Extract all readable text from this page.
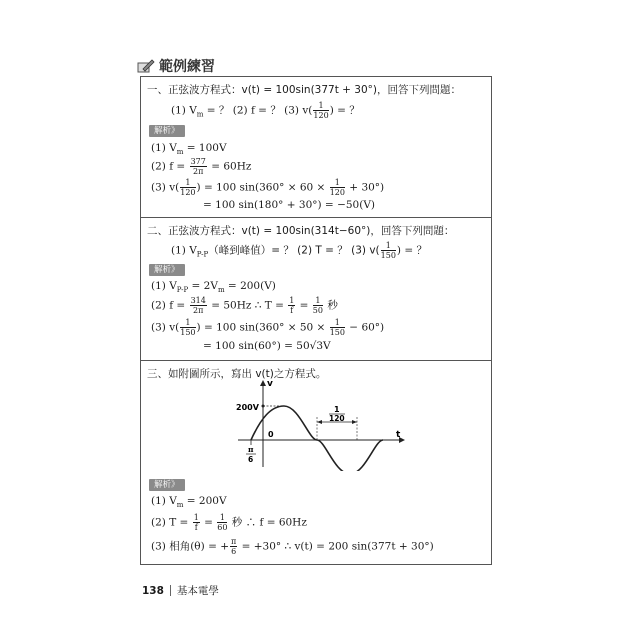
範例練習
一、正弦波方程式：v(t) = 100sin(377t + 30°)，回答下列問題：
(1) $V_m$ = ？ (2) f = ？ (3) $v( \frac{1}{120}$ ) = ？
解析》
(1) $V_m = 100V$
(2) $f = \frac{377}{2\pi} = 60Hz$
(3) $v( \frac{1}{120}$ ) = 100 $\sin(360^\circ \times 60 \times \frac{1}{120} + 30^\circ)$
= 100 sin(180° + 30°) = −50(V)
二、正弦波方程式：v(t) = 100sin(314t−60°)，回答下列問題：
(1) $V_{P-P}$（峰到峰值）= ？ (2) T = ？ (3) $v( \frac{1}{150}$ ) = ？
解析》
(1) $V_{P-P} = 2V_m = 200(V)$
(2) $f = \frac{314}{2\pi} = 50Hz$ ∴ $T = \frac{1}{f} = \frac{1}{50}$ 秒
(3) $v( \frac{1}{150}$ ) = 100 $\sin(360^\circ \times 50 \times \frac{1}{150} - 60^\circ)$
= 100 sin(60°) = 50√3V
三、如附圖所示，寫出 v(t)之方程式。
v
t
200V
0
1
120
π
6
解析》
(1) $V_m = 200V$
(2) $T = \frac{1}{f} = \frac{1}{60}$ 秒 ∴ f = 60Hz
(3) 相角(θ) = + $\frac{\pi}{6} = +30^\circ$ ∴ v(t) = 200 sin(377t + 30°)
138 基本電學
